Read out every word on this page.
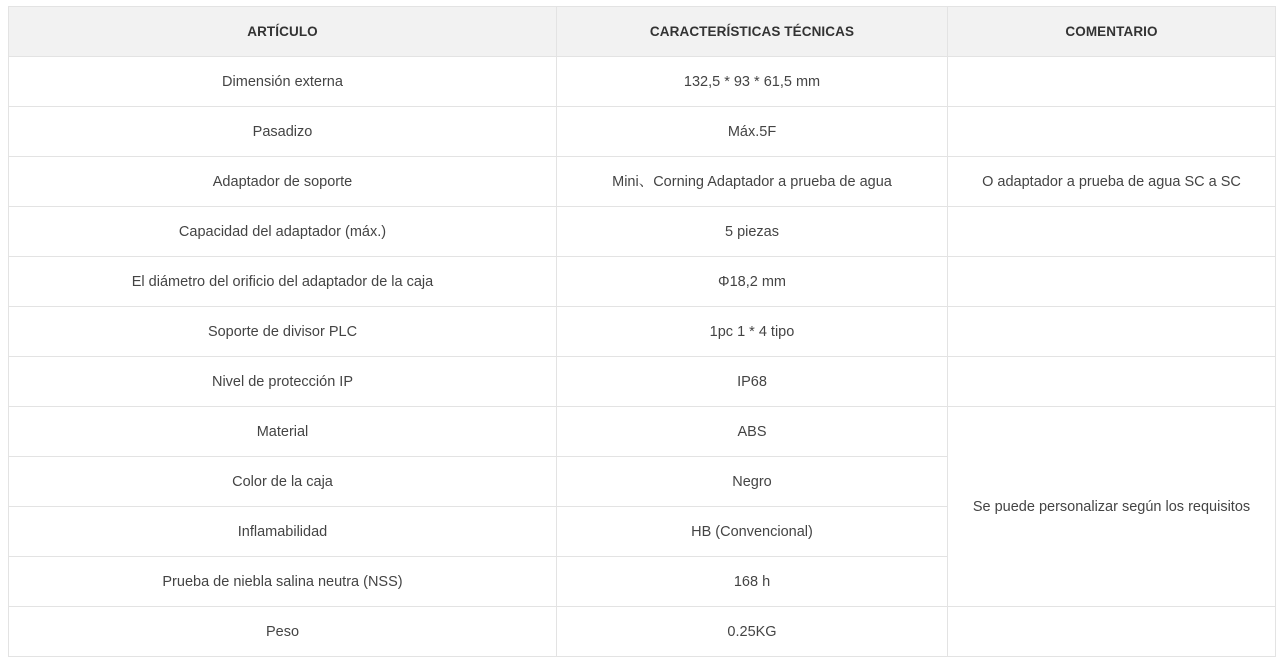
ARTÍCULO	CARACTERÍSTICAS TÉCNICAS	COMENTARIO
Dimensión externa	132,5 * 93 * 61,5 mm	
Pasadizo	Máx.5F	
Adaptador de soporte	Mini、Corning Adaptador a prueba de agua	O adaptador a prueba de agua SC a SC
Capacidad del adaptador (máx.)	5 piezas	
El diámetro del orificio del adaptador de la caja	Φ18,2 mm	
Soporte de divisor PLC	1pc 1 * 4 tipo	
Nivel de protección IP	IP68	
Material	ABS	Se puede personalizar según los requisitos
Color de la caja	Negro	
Inflamabilidad	HB (Convencional)	
Prueba de niebla salina neutra (NSS)	168 h	
Peso	0.25KG	
